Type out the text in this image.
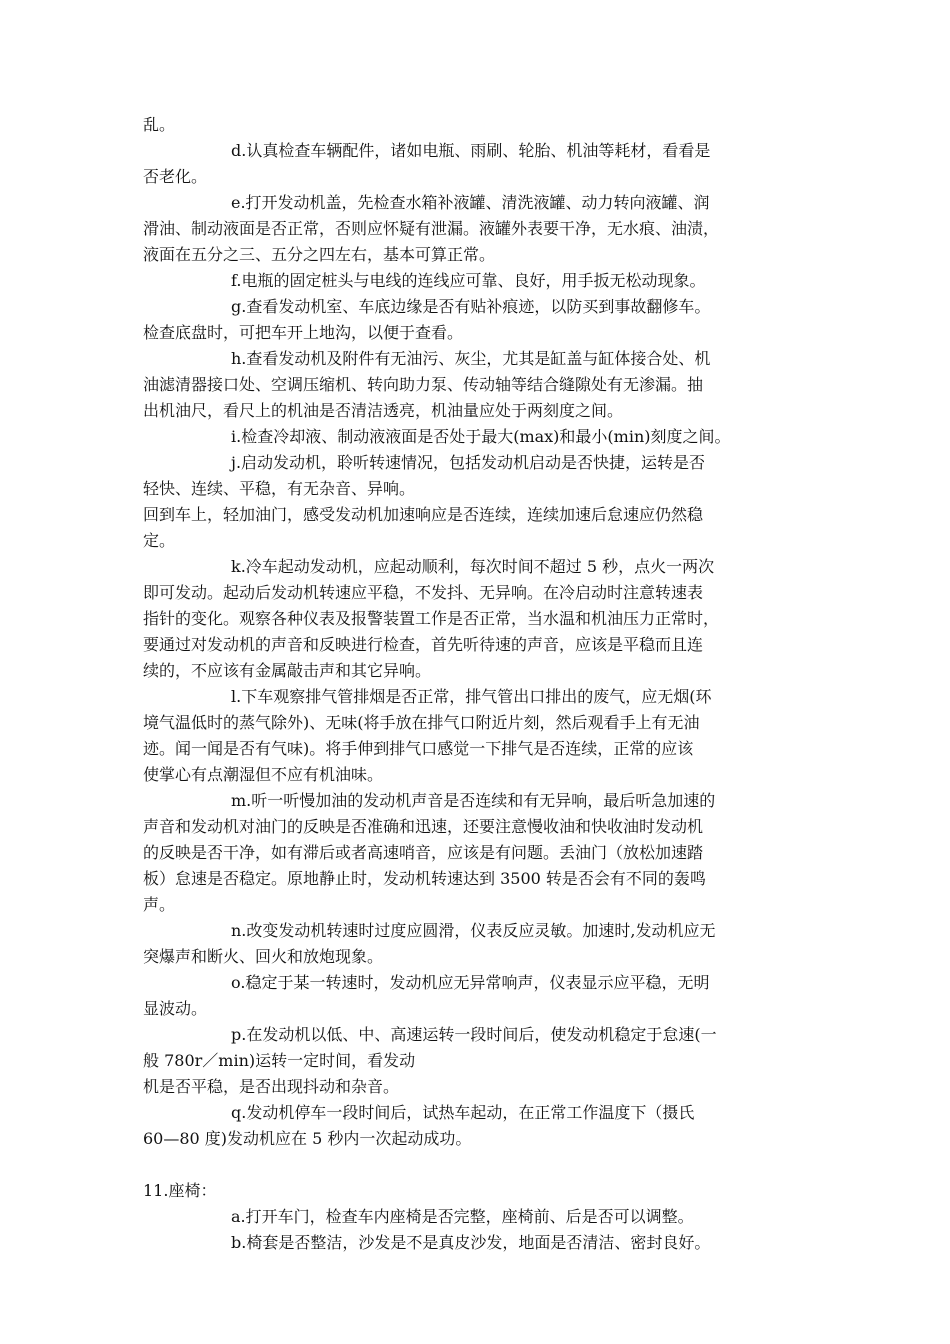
乱。
d.认真检查车辆配件，诸如电瓶、雨刷、轮胎、机油等耗材，看看是
否老化。
e.打开发动机盖，先检查水箱补液罐、清洗液罐、动力转向液罐、润
滑油、制动液面是否正常，否则应怀疑有泄漏。液罐外表要干净，无水痕、油渍，
液面在五分之三、五分之四左右，基本可算正常。
f.电瓶的固定桩头与电线的连线应可靠、良好，用手扳无松动现象。
g.查看发动机室、车底边缘是否有贴补痕迹，以防买到事故翻修车。
检查底盘时，可把车开上地沟，以便于查看。
h.查看发动机及附件有无油污、灰尘，尤其是缸盖与缸体接合处、机
油滤清器接口处、空调压缩机、转向助力泵、传动轴等结合缝隙处有无渗漏。抽
出机油尺，看尺上的机油是否清洁透亮，机油量应处于两刻度之间。
i.检查冷却液、制动液液面是否处于最大(max)和最小(min)刻度之间。
j.启动发动机，聆听转速情况，包括发动机启动是否快捷，运转是否
轻快、连续、平稳，有无杂音、异响。
回到车上，轻加油门，感受发动机加速响应是否连续，连续加速后怠速应仍然稳
定。
k.冷车起动发动机，应起动顺利，每次时间不超过 5 秒，点火一两次
即可发动。起动后发动机转速应平稳，不发抖、无异响。在冷启动时注意转速表
指针的变化。观察各种仪表及报警装置工作是否正常，当水温和机油压力正常时，
要通过对发动机的声音和反映进行检查，首先听待速的声音，应该是平稳而且连
续的，不应该有金属敲击声和其它异响。
l.下车观察排气管排烟是否正常，排气管出口排出的废气，应无烟(环
境气温低时的蒸气除外)、无味(将手放在排气口附近片刻，然后观看手上有无油
迹。闻一闻是否有气味)。将手伸到排气口感觉一下排气是否连续，正常的应该
使掌心有点潮湿但不应有机油味。
m.听一听慢加油的发动机声音是否连续和有无异响，最后听急加速的
声音和发动机对油门的反映是否准确和迅速，还要注意慢收油和快收油时发动机
的反映是否干净，如有滞后或者高速哨音，应该是有问题。丢油门（放松加速踏
板）怠速是否稳定。原地静止时，发动机转速达到 3500 转是否会有不同的轰鸣
声。
n.改变发动机转速时过度应圆滑，仪表反应灵敏。加速时,发动机应无
突爆声和断火、回火和放炮现象。
o.稳定于某一转速时，发动机应无异常响声，仪表显示应平稳，无明
显波动。
p.在发动机以低、中、高速运转一段时间后，使发动机稳定于怠速(一
般 780r／min)运转一定时间，看发动
机是否平稳，是否出现抖动和杂音。
q.发动机停车一段时间后，试热车起动，在正常工作温度下（摄氏
60—80 度)发动机应在 5 秒内一次起动成功。
11.座椅：
a.打开车门，检查车内座椅是否完整，座椅前、后是否可以调整。
b.椅套是否整洁，沙发是不是真皮沙发，地面是否清洁、密封良好。
